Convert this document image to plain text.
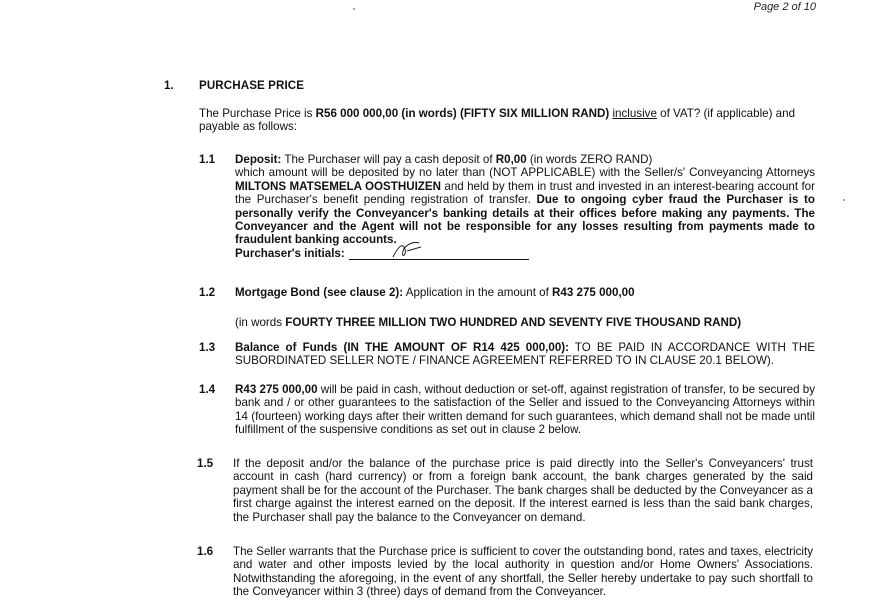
Page 2 of 10
1. PURCHASE PRICE
The Purchase Price is R56 000 000,00 (in words) (FIFTY SIX MILLION RAND) inclusive of VAT? (if applicable) and payable as follows:
1.1 Deposit: The Purchaser will pay a cash deposit of R0,00 (in words ZERO RAND)

which amount will be deposited by no later than (NOT APPLICABLE) with the Seller/s' Conveyancing Attorneys MILTONS MATSEMELA OOSTHUIZEN and held by them in trust and invested in an interest-bearing account for the Purchaser's benefit pending registration of transfer. Due to ongoing cyber fraud the Purchaser is to personally verify the Conveyancer's banking details at their offices before making any payments. The Conveyancer and the Agent will not be responsible for any losses resulting from payments made to fraudulent banking accounts.

Purchaser's initials:

1.2 Mortgage Bond (see clause 2): Application in the amount of R43 275 000,00

(in words FOURTY THREE MILLION TWO HUNDRED AND SEVENTY FIVE THOUSAND RAND)

1.3 Balance of Funds (IN THE AMOUNT OF R14 425 000,00): TO BE PAID IN ACCORDANCE WITH THE SUBORDINATED SELLER NOTE / FINANCE AGREEMENT REFERRED TO IN CLAUSE 20.1 BELOW).

1.4 R43 275 000,00 will be paid in cash, without deduction or set-off, against registration of transfer, to be secured by bank and / or other guarantees to the satisfaction of the Seller and issued to the Conveyancing Attorneys within 14 (fourteen) working days after their written demand for such guarantees, which demand shall not be made until fulfillment of the suspensive conditions as set out in clause 2 below.

1.5 If the deposit and/or the balance of the purchase price is paid directly into the Seller's Conveyancers' trust account in cash (hard currency) or from a foreign bank account, the bank charges generated by the said payment shall be for the account of the Purchaser. The bank charges shall be deducted by the Conveyancer as a first charge against the interest earned on the deposit. If the interest earned is less than the said bank charges, the Purchaser shall pay the balance to the Conveyancer on demand.

1.6 The Seller warrants that the Purchase price is sufficient to cover the outstanding bond, rates and taxes, electricity and water and other imposts levied by the local authority in question and/or Home Owners' Associations. Notwithstanding the aforegoing, in the event of any shortfall, the Seller hereby undertake to pay such shortfall to the Conveyancer within 3 (three) days of demand from the Conveyancer.
